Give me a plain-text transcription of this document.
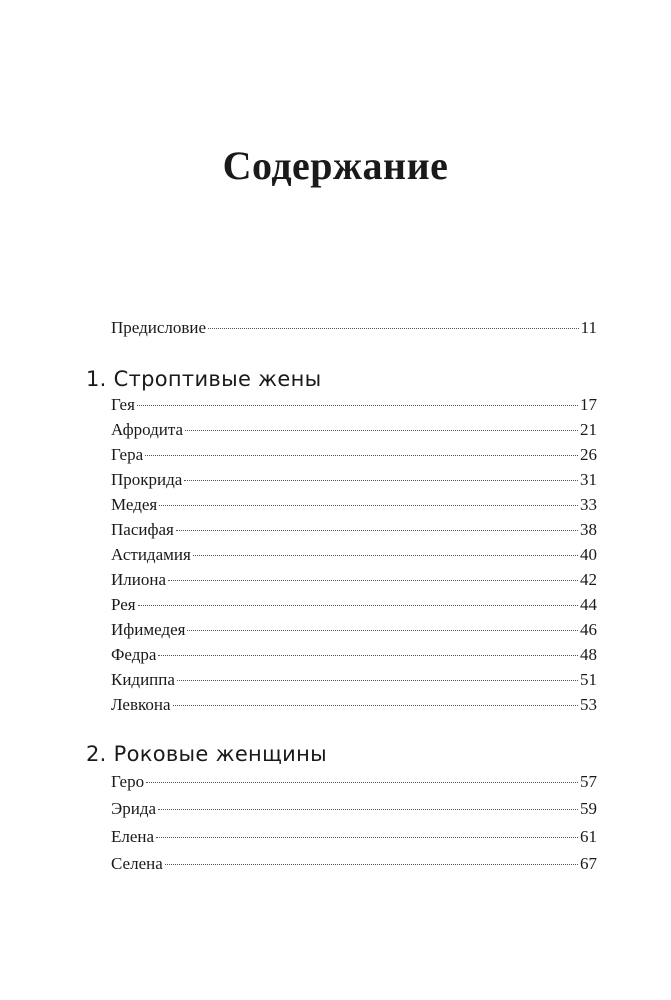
Содержание
Предисловие	11
1. Строптивые жены
Гея	17
Афродита	21
Гера	26
Прокрида	31
Медея	33
Пасифая	38
Астидамия	40
Илиона	42
Рея	44
Ифимедея	46
Федра	48
Кидиппа	51
Левкона	53
2. Роковые женщины
Геро	57
Эрида	59
Елена	61
Селена	67
